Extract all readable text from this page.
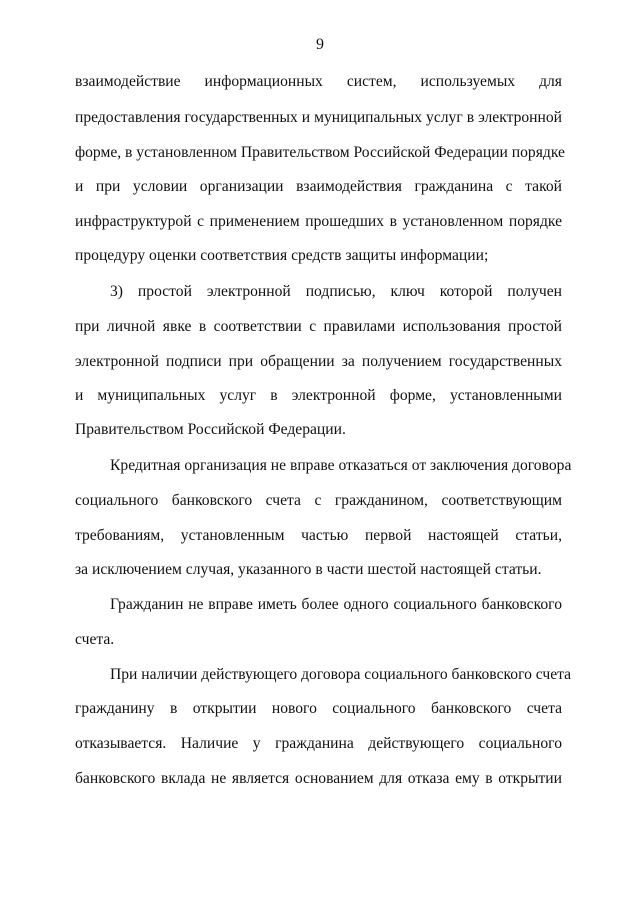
9
взаимодействие информационных систем, используемых для
предоставления государственных и муниципальных услуг в электронной
форме, в установленном Правительством Российской Федерации порядке
и при условии организации взаимодействия гражданина с такой
инфраструктурой с применением прошедших в установленном порядке
процедуру оценки соответствия средств защиты информации;
3) простой электронной подписью, ключ которой получен
при личной явке в соответствии с правилами использования простой
электронной подписи при обращении за получением государственных
и муниципальных услуг в электронной форме, установленными
Правительством Российской Федерации.
Кредитная организация не вправе отказаться от заключения договора
социального банковского счета с гражданином, соответствующим
требованиям, установленным частью первой настоящей статьи,
за исключением случая, указанного в части шестой настоящей статьи.
Гражданин не вправе иметь более одного социального банковского
счета.
При наличии действующего договора социального банковского счета
гражданину в открытии нового социального банковского счета
отказывается. Наличие у гражданина действующего социального
банковского вклада не является основанием для отказа ему в открытии
